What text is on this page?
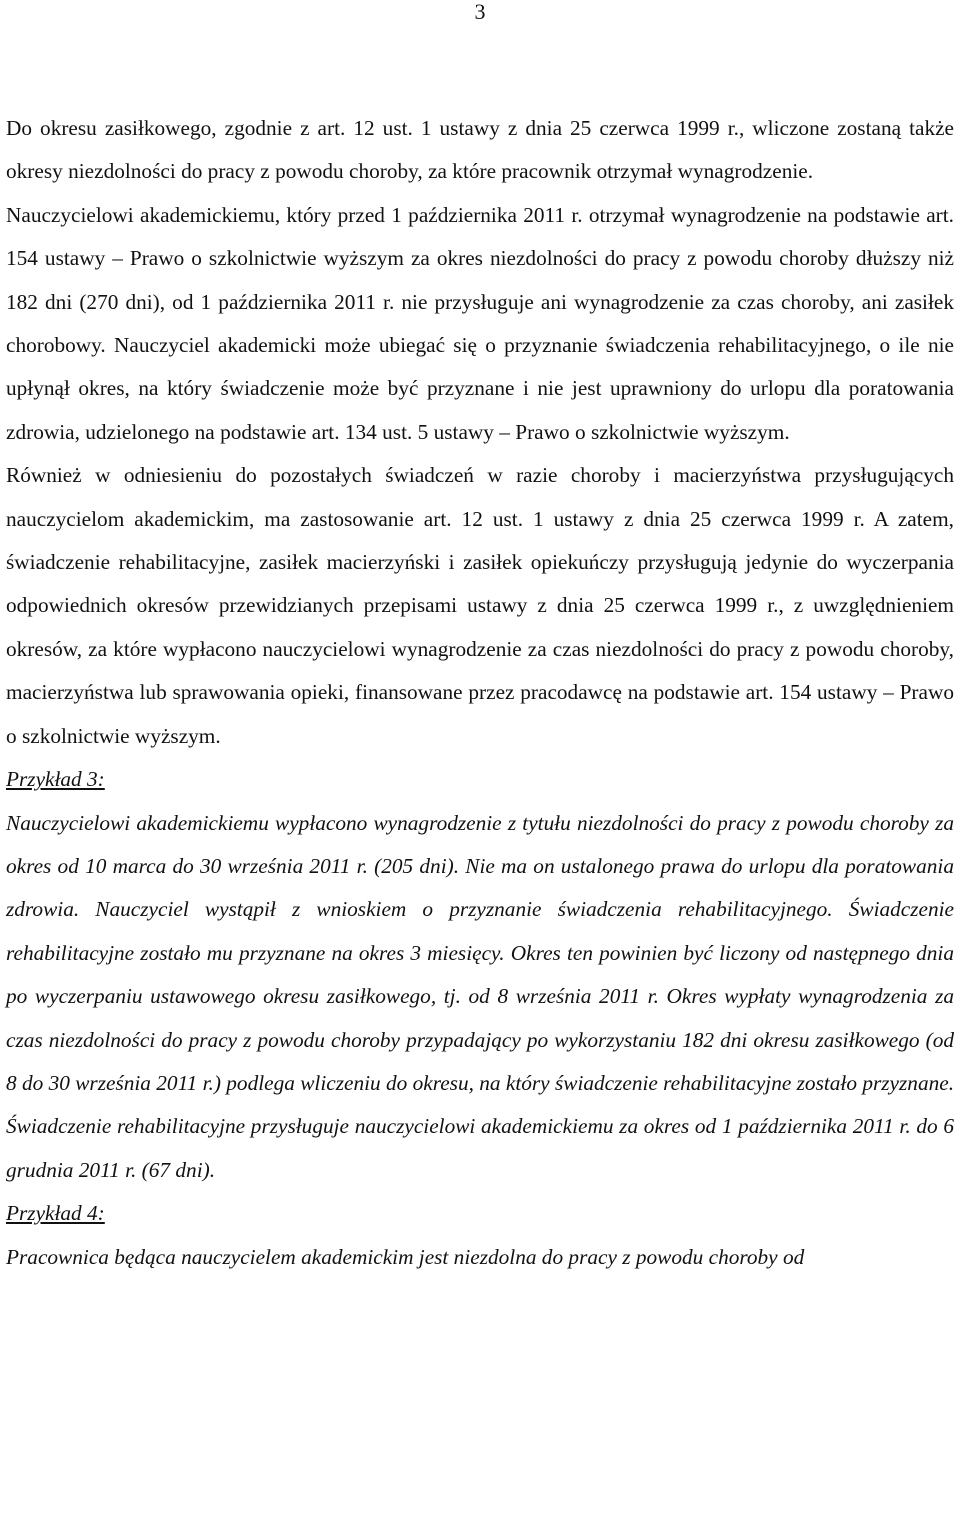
3

Do okresu zasiłkowego, zgodnie z art. 12 ust. 1 ustawy z dnia 25 czerwca 1999 r., wliczone zostaną także okresy niezdolności do pracy z powodu choroby, za które pracownik otrzymał wynagrodzenie.

Nauczycielowi akademickiemu, który przed 1 października 2011 r. otrzymał wynagrodzenie na podstawie art. 154 ustawy – Prawo o szkolnictwie wyższym za okres niezdolności do pracy z powodu choroby dłuższy niż 182 dni (270 dni), od 1 października 2011 r. nie przysługuje ani wynagrodzenie za czas choroby, ani zasiłek chorobowy. Nauczyciel akademicki może ubiegać się o przyznanie świadczenia rehabilitacyjnego, o ile nie upłynął okres, na który świadczenie może być przyznane i nie jest uprawniony do urlopu dla poratowania zdrowia, udzielonego na podstawie art. 134 ust. 5 ustawy – Prawo o szkolnictwie wyższym.

Również w odniesieniu do pozostałych świadczeń w razie choroby i macierzyństwa przysługujących nauczycielom akademickim, ma zastosowanie art. 12 ust. 1 ustawy z dnia 25 czerwca 1999 r. A zatem, świadczenie rehabilitacyjne, zasiłek macierzyński i zasiłek opiekuńczy przysługują jedynie do wyczerpania odpowiednich okresów przewidzianych przepisami ustawy z dnia 25 czerwca 1999 r., z uwzględnieniem okresów, za które wypłacono nauczycielowi wynagrodzenie za czas niezdolności do pracy z powodu choroby, macierzyństwa lub sprawowania opieki, finansowane przez pracodawcę na podstawie art. 154 ustawy – Prawo o szkolnictwie wyższym.

Przykład 3:

Nauczycielowi akademickiemu wypłacono wynagrodzenie z tytułu niezdolności do pracy z powodu choroby za okres od 10 marca do 30 września 2011 r. (205 dni). Nie ma on ustalonego prawa do urlopu dla poratowania zdrowia. Nauczyciel wystąpił z wnioskiem o przyznanie świadczenia rehabilitacyjnego. Świadczenie rehabilitacyjne zostało mu przyznane na okres 3 miesięcy. Okres ten powinien być liczony od następnego dnia po wyczerpaniu ustawowego okresu zasiłkowego, tj. od 8 września 2011 r. Okres wypłaty wynagrodzenia za czas niezdolności do pracy z powodu choroby przypadający po wykorzystaniu 182 dni okresu zasiłkowego (od 8 do 30 września 2011 r.) podlega wliczeniu do okresu, na który świadczenie rehabilitacyjne zostało przyznane. Świadczenie rehabilitacyjne przysługuje nauczycielowi akademickiemu za okres od 1 października 2011 r. do 6 grudnia 2011 r. (67 dni).

Przykład 4:

Pracownica będąca nauczycielem akademickim jest niezdolna do pracy z powodu choroby od
